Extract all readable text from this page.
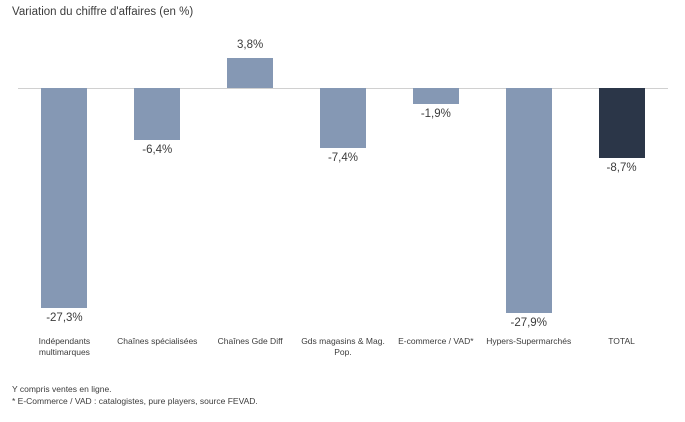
Variation du chiffre d'affaires (en %)
-27,3%
-6,4%
3,8%
-7,4%
-1,9%
-27,9%
-8,7%
Indépendants multimarques
Chaînes spécialisées	Chaînes Gde Diff	Gds magasins & Mag. Pop.
E-commerce / VAD*	Hypers-Supermarchés	TOTAL
Y compris ventes en ligne.
* E-Commerce / VAD : catalogistes, pure players, source FEVAD.
